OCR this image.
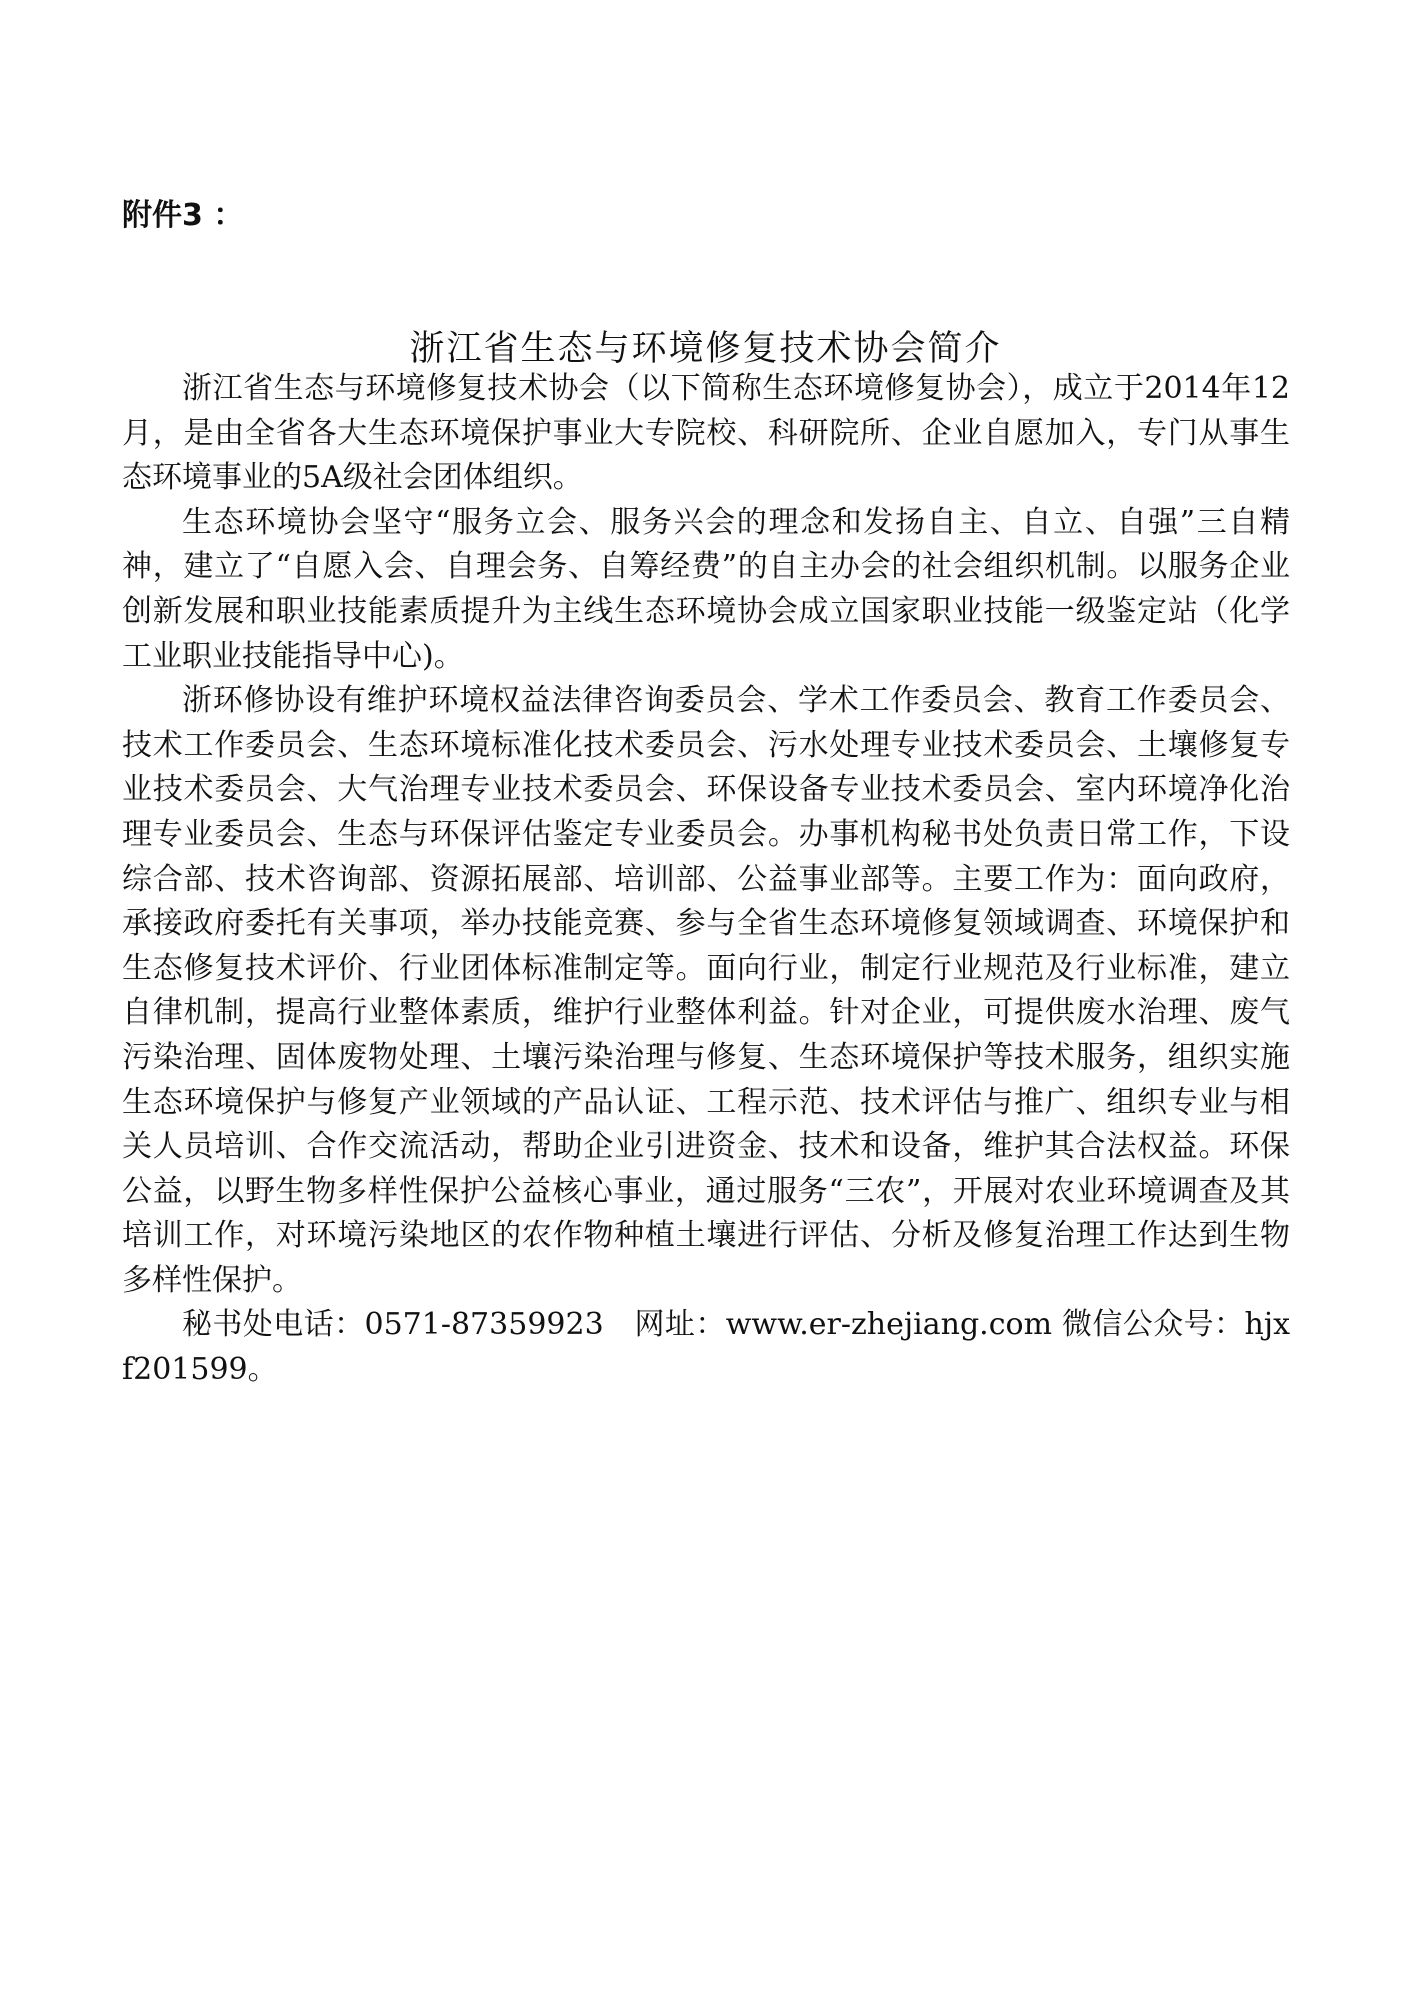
附件3 ：
浙江省生态与环境修复技术协会简介

浙江省生态与环境修复技术协会（以下简称生态环境修复协会），成立于2014年12月，是由全省各大生态环境保护事业大专院校、科研院所、企业自愿加入，专门从事生态环境事业的5A级社会团体组织。

生态环境协会坚守“服务立会、服务兴会的理念和发扬自主、自立、自强”三自精神，建立了“自愿入会、自理会务、自筹经费”的自主办会的社会组织机制。以服务企业创新发展和职业技能素质提升为主线生态环境协会成立国家职业技能一级鉴定站（化学工业职业技能指导中心)。

浙环修协设有维护环境权益法律咨询委员会、学术工作委员会、教育工作委员会、技术工作委员会、生态环境标准化技术委员会、污水处理专业技术委员会、土壤修复专业技术委员会、大气治理专业技术委员会、环保设备专业技术委员会、室内环境净化治理专业委员会、生态与环保评估鉴定专业委员会。办事机构秘书处负责日常工作，下设综合部、技术咨询部、资源拓展部、培训部、公益事业部等。主要工作为：面向政府，承接政府委托有关事项，举办技能竞赛、参与全省生态环境修复领域调查、环境保护和生态修复技术评价、行业团体标准制定等。面向行业，制定行业规范及行业标准，建立自律机制，提高行业整体素质，维护行业整体利益。针对企业，可提供废水治理、废气污染治理、固体废物处理、土壤污染治理与修复、生态环境保护等技术服务，组织实施生态环境保护与修复产业领域的产品认证、工程示范、技术评估与推广、组织专业与相关人员培训、合作交流活动，帮助企业引进资金、技术和设备，维护其合法权益。环保公益，以野生物多样性保护公益核心事业，通过服务“三农”，开展对农业环境调查及其培训工作，对环境污染地区的农作物种植土壤进行评估、分析及修复治理工作达到生物多样性保护。

秘书处电话：0571-87359923　网址：www.er-zhejiang.com 微信公众号：hjxf201599。
